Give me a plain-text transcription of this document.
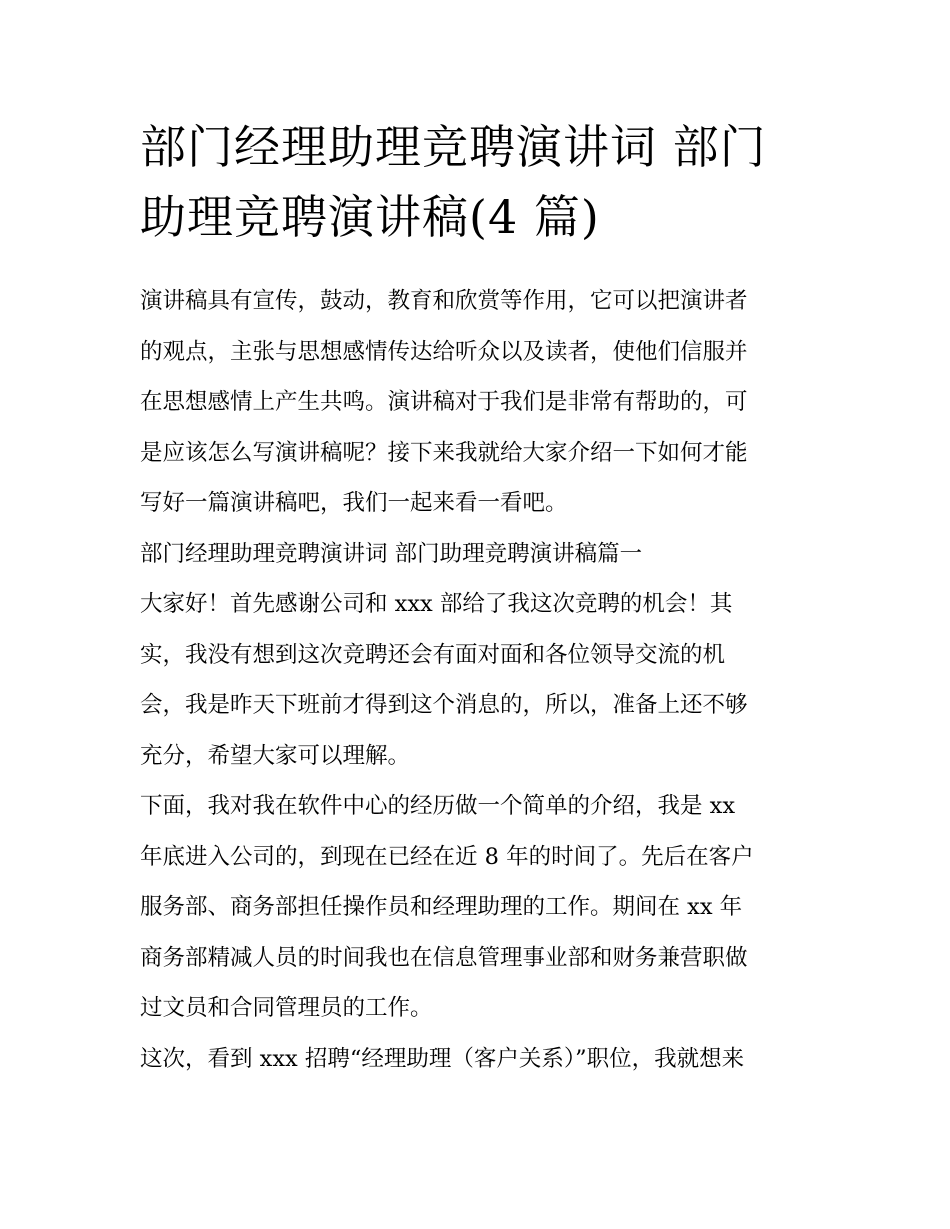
部门经理助理竞聘演讲词 部门
助理竞聘演讲稿(4 篇)

演讲稿具有宣传，鼓动，教育和欣赏等作用，它可以把演讲者
的观点，主张与思想感情传达给听众以及读者，使他们信服并
在思想感情上产生共鸣。演讲稿对于我们是非常有帮助的，可
是应该怎么写演讲稿呢？接下来我就给大家介绍一下如何才能
写好一篇演讲稿吧，我们一起来看一看吧。

部门经理助理竞聘演讲词 部门助理竞聘演讲稿篇一

大家好！首先感谢公司和 xxx 部给了我这次竞聘的机会！其
实，我没有想到这次竞聘还会有面对面和各位领导交流的机
会，我是昨天下班前才得到这个消息的，所以，准备上还不够
充分，希望大家可以理解。

下面，我对我在软件中心的经历做一个简单的介绍，我是 xx
年底进入公司的，到现在已经在近 8 年的时间了。先后在客户
服务部、商务部担任操作员和经理助理的工作。期间在 xx 年
商务部精减人员的时间我也在信息管理事业部和财务兼营职做
过文员和合同管理员的工作。

这次，看到 xxx 招聘“经理助理（客户关系）”职位，我就想来
